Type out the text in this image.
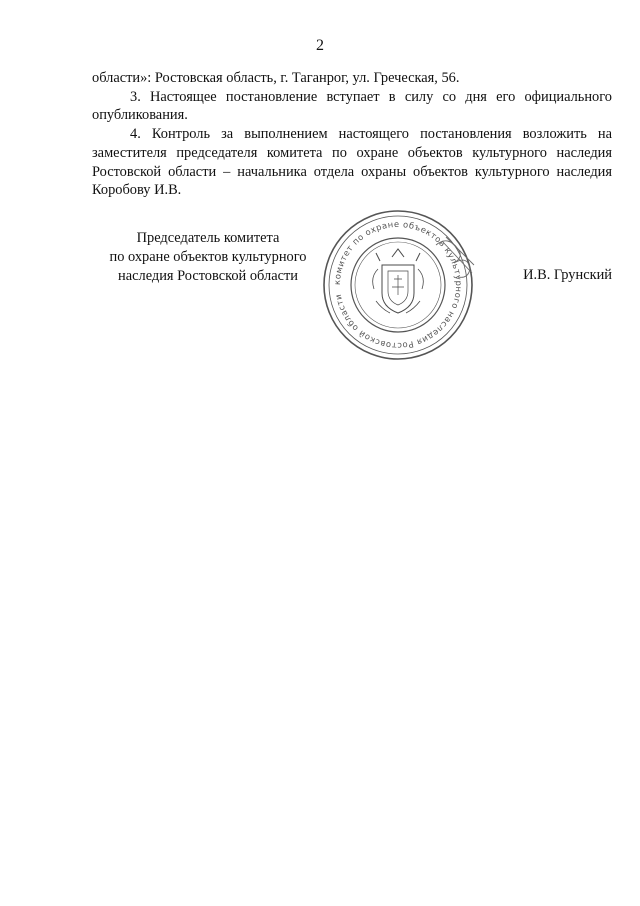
2

области»: Ростовская область, г. Таганрог, ул. Греческая, 56.

3. Настоящее постановление вступает в силу со дня его официального опубликования.

4. Контроль за выполнением настоящего постановления возложить на заместителя председателя комитета по охране объектов культурного наследия Ростовской области – начальника отдела охраны объектов культурного наследия Коробову И.В.

Председатель комитета
по охране объектов культурного
наследия Ростовской области	комитет по охране объектов культурного наследия Ростовской области
И.В. Грунский
